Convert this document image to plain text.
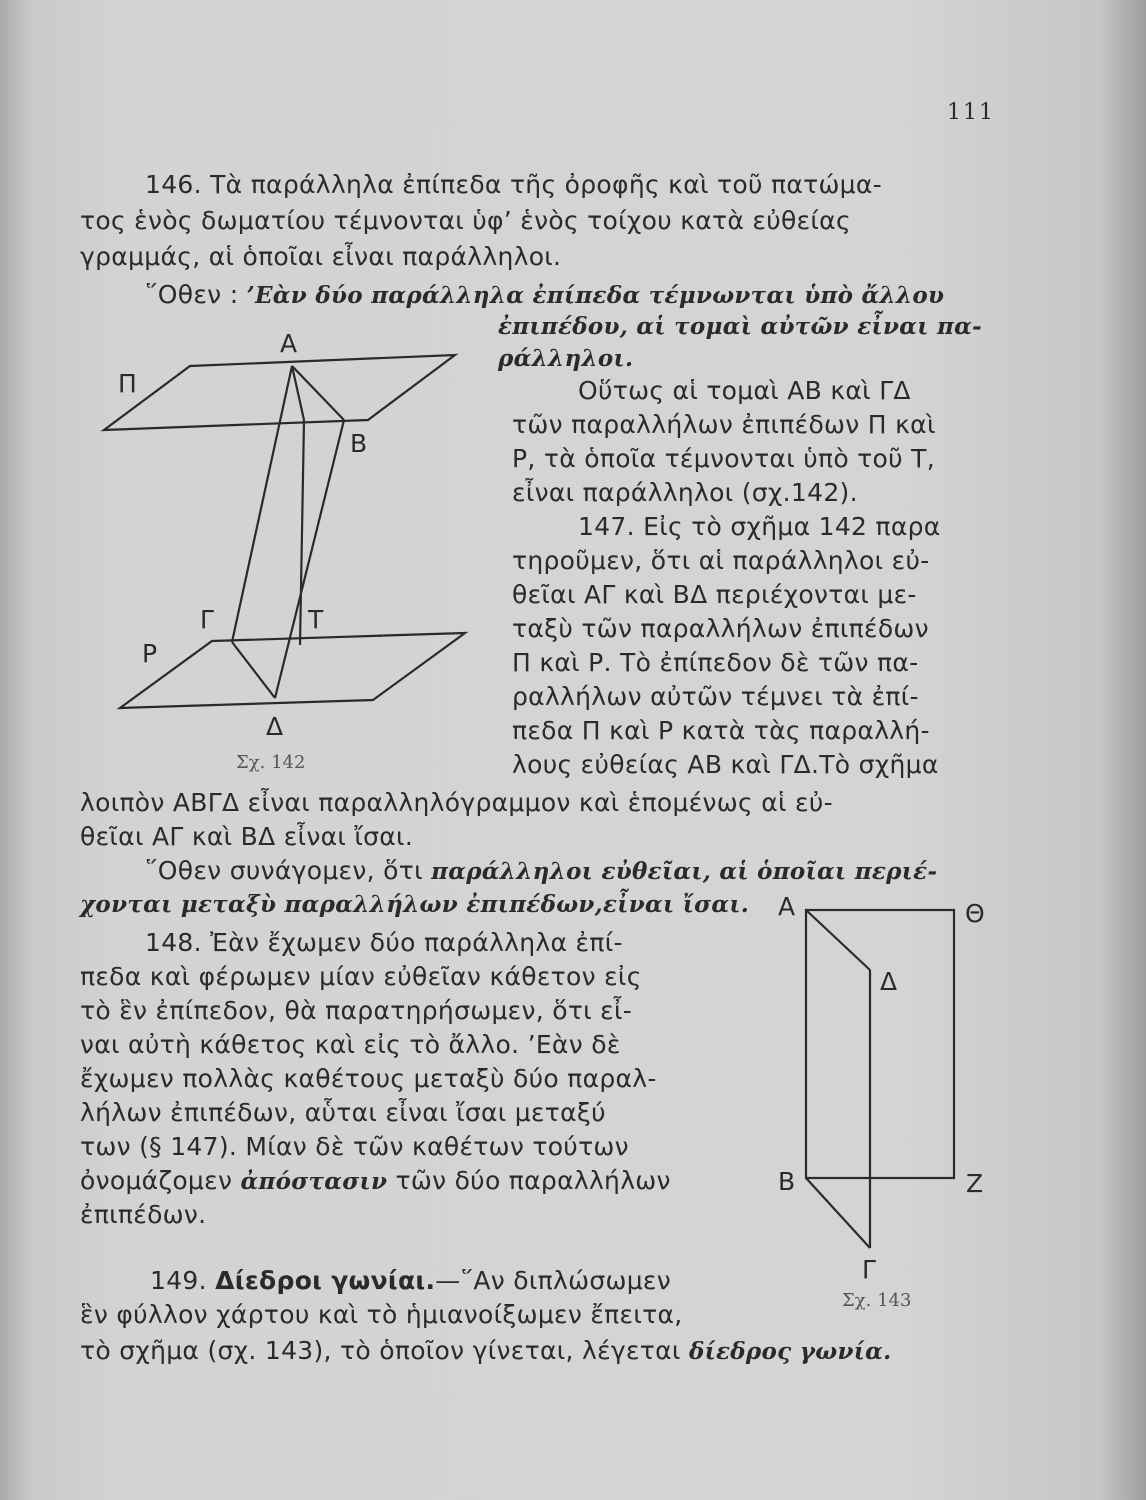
111
146. Τὰ παράλληλα ἐπίπεδα τῆς ὀροφῆς καὶ τοῦ πατώμα-
τος ἑνὸς δωματίου τέμνονται ὑφ’ ἑνὸς τοίχου κατὰ εὐθείας
γραμμάς, αἱ ὁποῖαι εἶναι παράλληλοι.
῞Οθεν : ’Εὰν δύο παράλληλα ἐπίπεδα τέμνωνται ὑπὸ ἄλλου
ἐπιπέδου, αἱ τομαὶ αὐτῶν εἶναι πα-
ράλληλοι.
Οὕτως αἱ τομαὶ ΑΒ καὶ ΓΔ
τῶν παραλλήλων ἐπιπέδων Π καὶ
Ρ, τὰ ὁποῖα τέμνονται ὑπὸ τοῦ Τ,
εἶναι παράλληλοι (σχ.142).
147. Εἰς τὸ σχῆμα 142 παρα
τηροῦμεν, ὅτι αἱ παράλληλοι εὐ-
θεῖαι ΑΓ καὶ ΒΔ περιέχονται με-
ταξὺ τῶν παραλλήλων ἐπιπέδων
Π καὶ Ρ. Τὸ ἐπίπεδον δὲ τῶν πα-
ραλλήλων αὐτῶν τέμνει τὰ ἐπί-
πεδα Π καὶ Ρ κατὰ τὰς παραλλή-
λους εὐθείας ΑΒ καὶ ΓΔ.Τὸ σχῆμα
λοιπὸν ΑΒΓΔ εἶναι παραλληλόγραμμον καὶ ἑπομένως αἱ εὐ-
θεῖαι ΑΓ καὶ ΒΔ εἶναι ἴσαι.
῞Οθεν συνάγομεν, ὅτι παράλληλοι εὐθεῖαι, αἱ ὁποῖαι περιέ-
χονται μεταξὺ παραλλήλων ἐπιπέδων,εἶναι ἴσαι.
148. Ἐὰν ἔχωμεν δύο παράλληλα ἐπί-
πεδα καὶ φέρωμεν μίαν εὐθεῖαν κάθετον εἰς
τὸ ἓν ἐπίπεδον, θὰ παρατηρήσωμεν, ὅτι εἶ-
ναι αὐτὴ κάθετος καὶ εἰς τὸ ἄλλο. ’Εὰν δὲ
ἔχωμεν πολλὰς καθέτους μεταξὺ δύο παραλ-
λήλων ἐπιπέδων, αὗται εἶναι ἴσαι μεταξύ
των (§ 147). Μίαν δὲ τῶν καθέτων τούτων
ὀνομάζομεν ἀπόστασιν τῶν δύο παραλλήλων
ἐπιπέδων.
149. Δίεδροι γωνίαι.—῞Αν διπλώσωμεν
ἓν φύλλον χάρτου καὶ τὸ ἡμιανοίξωμεν ἔπειτα,
τὸ σχῆμα (σχ. 143), τὸ ὁποῖον γίνεται, λέγεται δίεδρος γωνία.
Α
Β
Π
Γ	Τ
Ρ
Δ
Α	Θ
Δ
Β	Ζ
Γ
Σχ. 142
Σχ. 143
